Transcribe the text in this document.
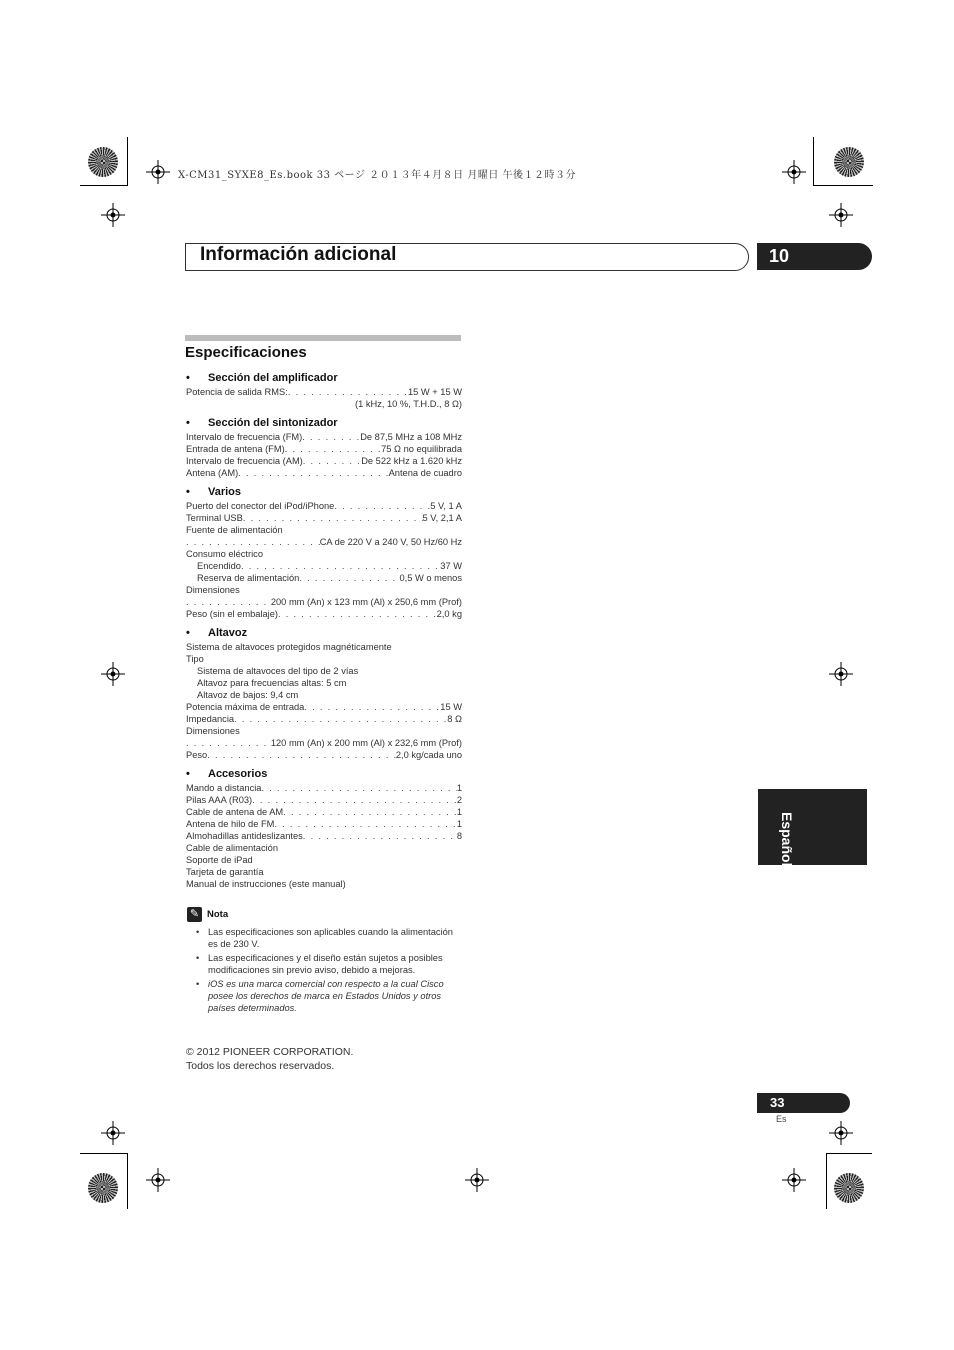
X-CM31_SYXE8_Es.book 33 ページ ２０１３年４月８日 月曜日 午後１２時３分
Información adicional	10
Especificaciones
•	Sección del amplificador
Potencia de salida RMS: . . .	15 W + 15 W
(1 kHz, 10 %, T.H.D., 8 Ω)
•	Sección del sintonizador
Intervalo de frecuencia (FM) . . .	De 87,5 MHz a 108 MHz
Entrada de antena (FM) . . .	75 Ω no equilibrada
Intervalo de frecuencia (AM) . . .	De 522 kHz a 1.620 kHz
Antena (AM) . . .	Antena de cuadro
•	Varios
Puerto del conector del iPod/iPhone . . .	5 V, 1 A
Terminal USB . . .	5 V, 2,1 A
Fuente de alimentación
. . .
CA de 220 V a 240 V, 50 Hz/60 Hz
Consumo eléctrico
Encendido . . .	37 W
Reserva de alimentación . . .	0,5 W o menos
Dimensiones
. . .
200 mm (An) x 123 mm (Al) x 250,6 mm (Prof)
Peso (sin el embalaje) . . .	2,0 kg
•	Altavoz
Sistema de altavoces protegidos magnéticamente
Tipo
Sistema de altavoces del tipo de 2 vías
Altavoz para frecuencias altas: 5 cm
Altavoz de bajos: 9,4 cm
Potencia máxima de entrada . . .	15 W
Impedancia . . .	8 Ω
Dimensiones
. . .
120 mm (An) x 200 mm (Al) x 232,6 mm (Prof)
Peso . . .	2,0 kg/cada uno
•	Accesorios
Mando a distancia . . .	1
Pilas AAA (R03) . . .	2
Cable de antena de AM . . .	1
Antena de hilo de FM . . .	1
Almohadillas antideslizantes . . .	8
Cable de alimentación
Soporte de iPad
Tarjeta de garantía
Manual de instrucciones (este manual)
✎ Nota
• Las especificaciones son aplicables cuando la alimentación es de 230 V.
• Las especificaciones y el diseño están sujetos a posibles modificaciones sin previo aviso, debido a mejoras.
• iOS es una marca comercial con respecto a la cual Cisco posee los derechos de marca en Estados Unidos y otros países determinados.
© 2012 PIONEER CORPORATION.
Todos los derechos reservados.
Español
33
Es
